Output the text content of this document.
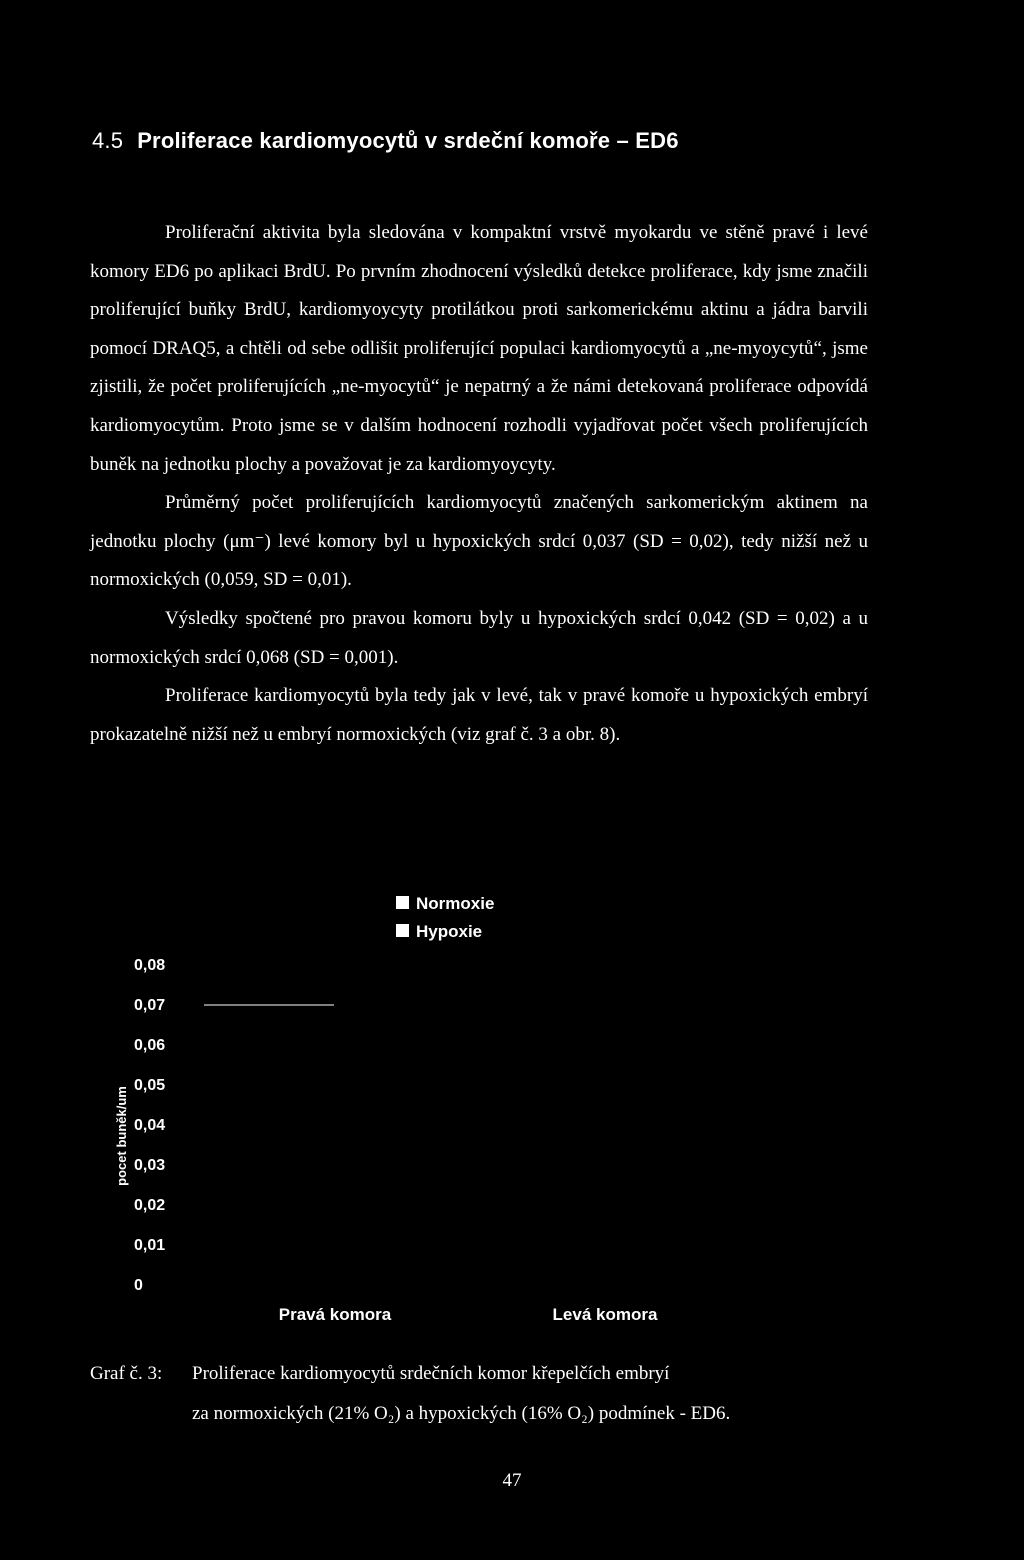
4.5 Proliferace kardiomyocytů v srdeční komoře – ED6

Proliferační aktivita byla sledována v kompaktní vrstvě myokardu ve stěně pravé i levé komory ED6 po aplikaci BrdU. Po prvním zhodnocení výsledků detekce proliferace, kdy jsme značili proliferující buňky BrdU, kardiomyoycyty protilátkou proti sarkomerickému aktinu a jádra barvili pomocí DRAQ5, a chtěli od sebe odlišit proliferující populaci kardiomyocytů a „ne-myoycytů“, jsme zjistili, že počet proliferujících „ne-myocytů“ je nepatrný a že námi detekovaná proliferace odpovídá kardiomyocytům. Proto jsme se v dalším hodnocení rozhodli vyjadřovat počet všech proliferujících buněk na jednotku plochy a považovat je za kardiomyoycyty.

Průměrný počet proliferujících kardiomyocytů značených sarkomerickým aktinem na jednotku plochy (μm⁻) levé komory byl u hypoxických srdcí 0,037 (SD = 0,02), tedy nižší než u normoxických (0,059, SD = 0,01).

Výsledky spočtené pro pravou komoru byly u hypoxických srdcí 0,042 (SD = 0,02) a u normoxických srdcí 0,068 (SD = 0,001).

Proliferace kardiomyocytů byla tedy jak v levé, tak v pravé komoře u hypoxických embryí prokazatelně nižší než u embryí normoxických (viz graf č. 3 a obr. 8).

0
0,01
0,02
0,03
0,04
0,05
0,06
0,07
0,08
pocet buněk/um
Pravá komora	Levá komora
Normoxie
Hypoxie
Graf č. 3: Proliferace kardiomyocytů srdečních komor křepelčích embryí
za normoxických (21% O₂) a hypoxických (16% O₂) podmínek - ED6.
47
